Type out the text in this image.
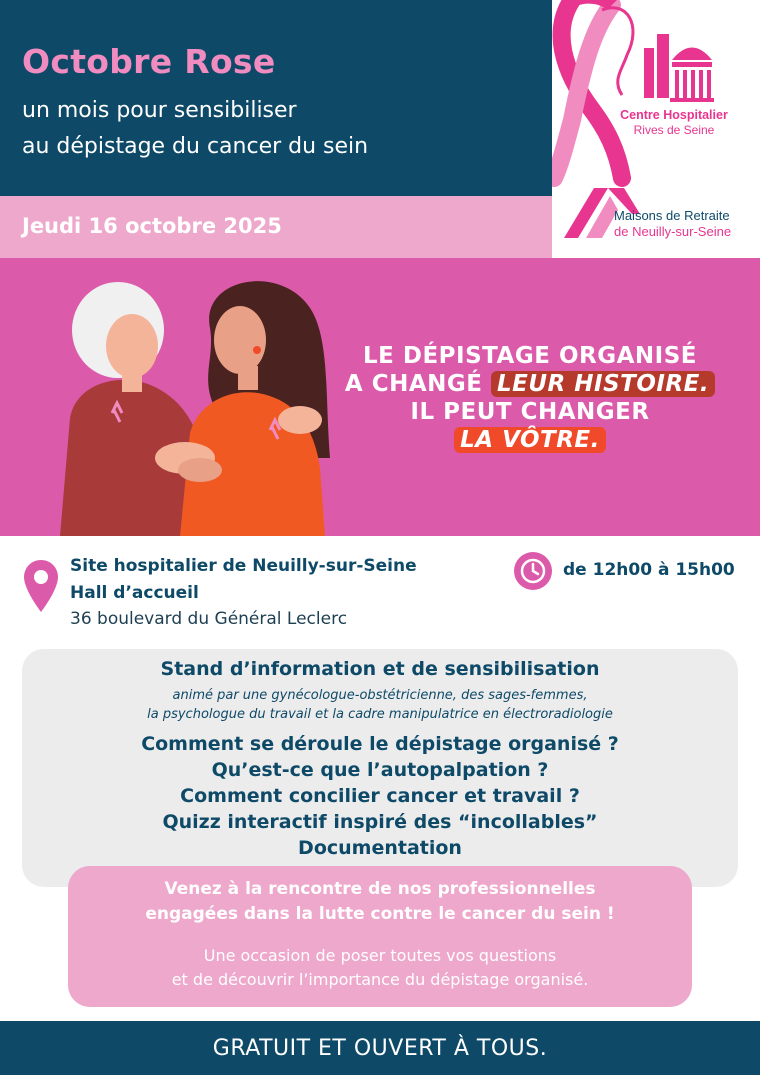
Octobre Rose
un mois pour sensibiliser
au dépistage du cancer du sein
Jeudi 16 octobre 2025
Centre Hospitalier
Rives de Seine
Maisons de Retraite
de Neuilly-sur-Seine
LE DÉPISTAGE ORGANISÉ
A CHANGÉ LEUR HISTOIRE.
IL PEUT CHANGER
LA VÔTRE.
Site hospitalier de Neuilly-sur-Seine
Hall d’accueil
36 boulevard du Général Leclerc
de 12h00 à 15h00
Stand d’information et de sensibilisation
animé par une gynécologue-obstétricienne, des sages-femmes,
la psychologue du travail et la cadre manipulatrice en électroradiologie
Comment se déroule le dépistage organisé ?
Qu’est-ce que l’autopalpation ?
Comment concilier cancer et travail ?
Quizz interactif inspiré des “incollables”
Documentation
Venez à la rencontre de nos professionnelles
engagées dans la lutte contre le cancer du sein !
Une occasion de poser toutes vos questions
et de découvrir l’importance du dépistage organisé.
GRATUIT ET OUVERT À TOUS.
